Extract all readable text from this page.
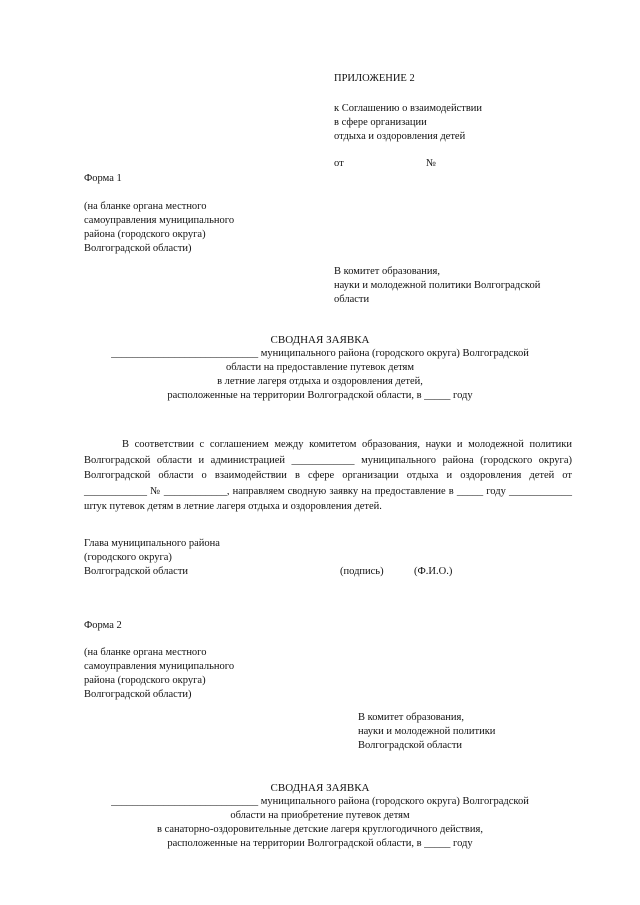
ПРИЛОЖЕНИЕ 2
к Соглашению о взаимодействии
в сфере организации
отдыха и оздоровления детей
от	№
Форма 1
(на бланке органа местного
самоуправления муниципального
района (городского округа)
Волгоградской области)
В комитет образования,
науки и молодежной политики Волгоградской
области
СВОДНАЯ ЗАЯВКА
____________________________ муниципального района (городского округа) Волгоградской
области на предоставление путевок детям
в летние лагеря отдыха и оздоровления детей,
расположенные на территории Волгоградской области, в _____ году
В соответствии с соглашением между комитетом образования, науки и молодежной политики Волгоградской области и администрацией ____________ муниципального района (городского округа) Волгоградской области о взаимодействии в сфере организации отдыха и оздоровления детей от ____________ № ____________, направляем сводную заявку на предоставление в _____ году ____________ штук путевок детям в летние лагеря отдыха и оздоровления детей.
Глава муниципального района
(городского округа)
Волгоградской области	(подпись)	(Ф.И.О.)
Форма 2
(на бланке органа местного
самоуправления муниципального
района (городского округа)
Волгоградской области)
В комитет образования,
науки и молодежной политики
Волгоградской области
СВОДНАЯ ЗАЯВКА
____________________________ муниципального района (городского округа) Волгоградской
области на приобретение путевок детям
в санаторно-оздоровительные детские лагеря круглогодичного действия,
расположенные на территории Волгоградской области, в _____ году
